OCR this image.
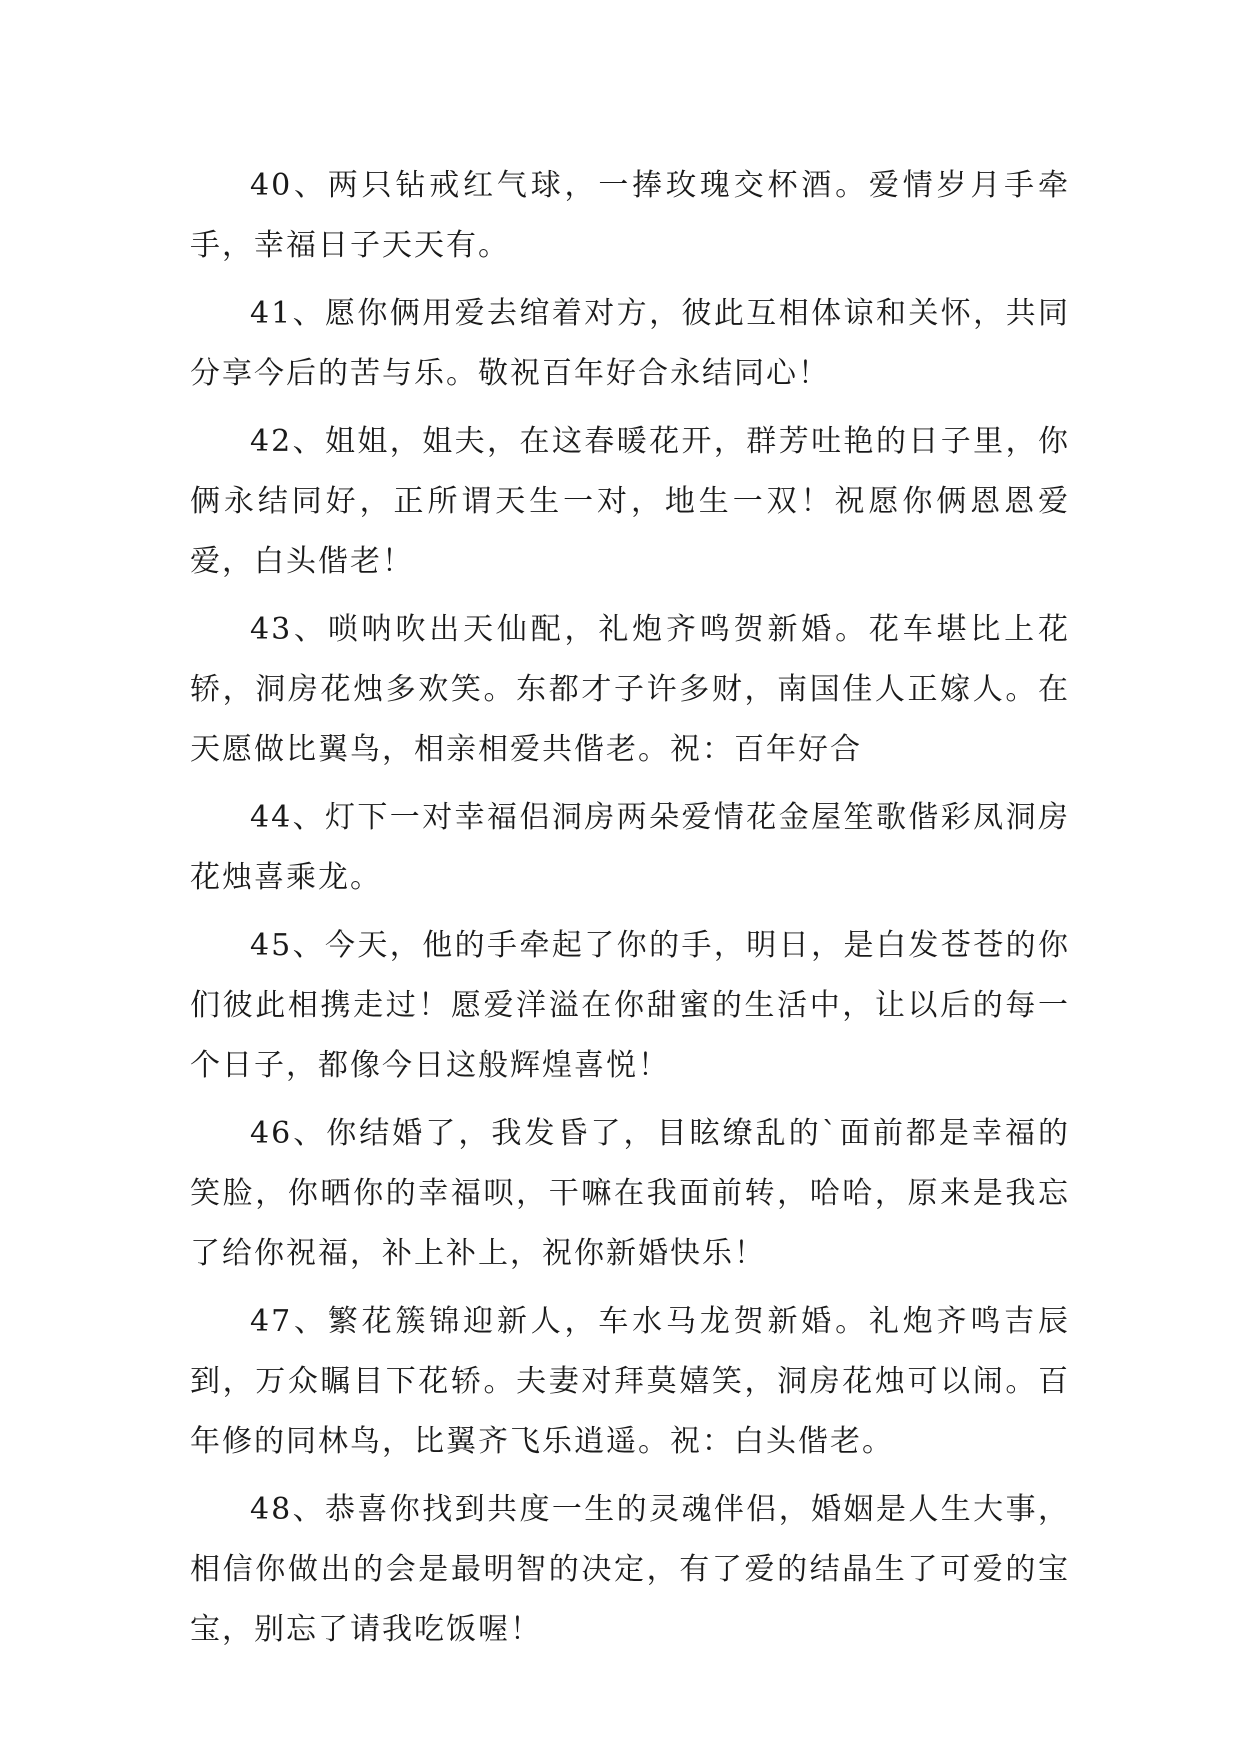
40、两只钻戒红气球，一捧玫瑰交杯酒。爱情岁月手牵手，幸福日子天天有。

41、愿你俩用爱去绾着对方，彼此互相体谅和关怀，共同分享今后的苦与乐。敬祝百年好合永结同心！

42、姐姐，姐夫，在这春暖花开，群芳吐艳的日子里，你俩永结同好，正所谓天生一对，地生一双！祝愿你俩恩恩爱爱，白头偕老！

43、唢呐吹出天仙配，礼炮齐鸣贺新婚。花车堪比上花轿，洞房花烛多欢笑。东都才子许多财，南国佳人正嫁人。在天愿做比翼鸟，相亲相爱共偕老。祝：百年好合

44、灯下一对幸福侣洞房两朵爱情花金屋笙歌偕彩凤洞房花烛喜乘龙。

45、今天，他的手牵起了你的手，明日，是白发苍苍的你们彼此相携走过！愿爱洋溢在你甜蜜的生活中，让以后的每一个日子，都像今日这般辉煌喜悦！

46、你结婚了，我发昏了，目眩缭乱的`面前都是幸福的笑脸，你晒你的幸福呗，干嘛在我面前转，哈哈，原来是我忘了给你祝福，补上补上，祝你新婚快乐！

47、繁花簇锦迎新人，车水马龙贺新婚。礼炮齐鸣吉辰到，万众瞩目下花轿。夫妻对拜莫嬉笑，洞房花烛可以闹。百年修的同林鸟，比翼齐飞乐逍遥。祝：白头偕老。

48、恭喜你找到共度一生的灵魂伴侣，婚姻是人生大事，相信你做出的会是最明智的决定，有了爱的结晶生了可爱的宝宝，别忘了请我吃饭喔！
